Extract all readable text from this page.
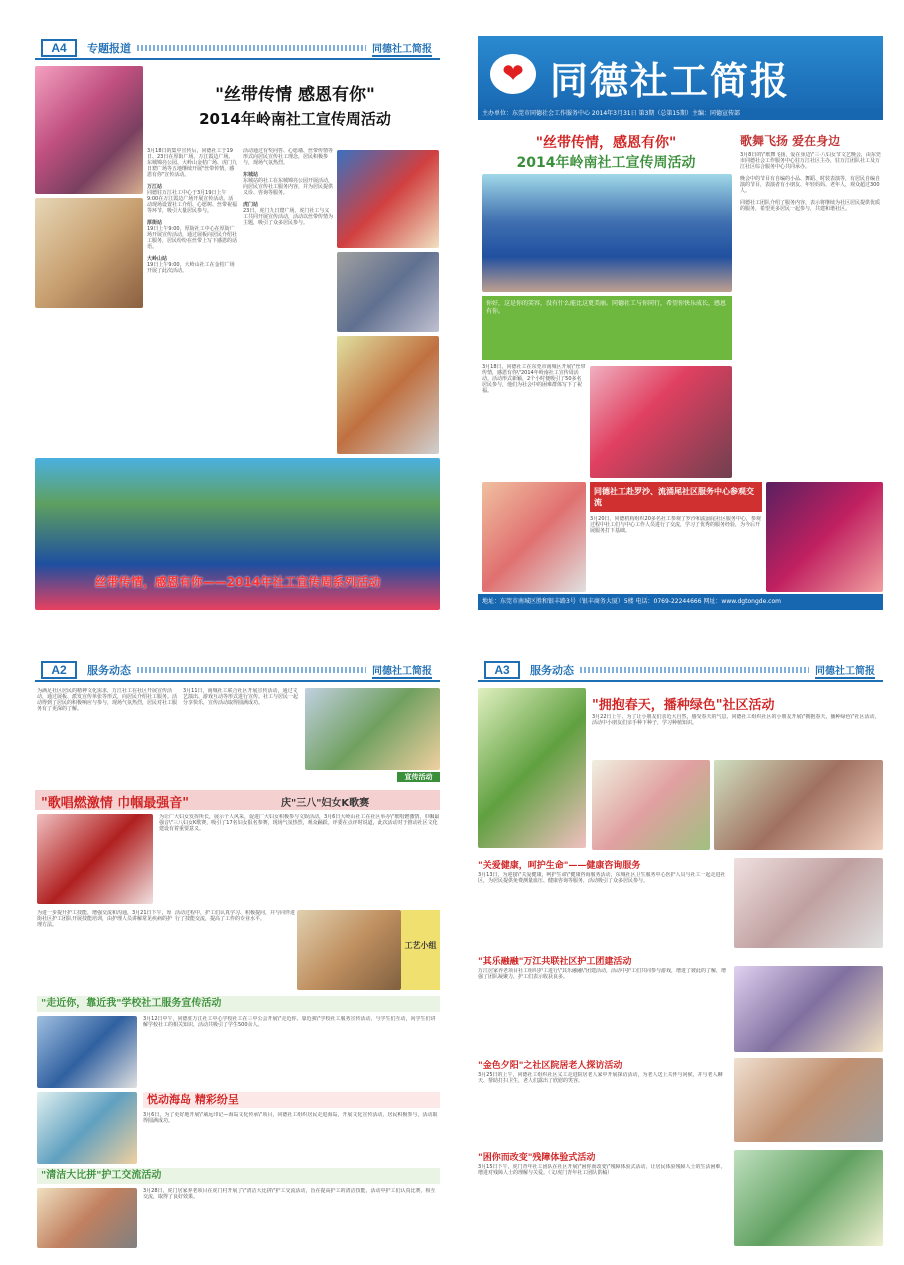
A4	专题报道	同德社工简报
"丝带传情 感恩有你"
2014年岭南社工宣传周活动
3月18日的集中宣传后，同德社工于19日、23日在厚街广场、万江霞边广场、东城锦亮公园、大岭山金桔广场、虎门九日窟广场等五地继续开展"丝带传情，感恩有你"宣传活动。

万江站
同德驻万江社工中心于3月19日上午9:00在万江霞边广场开展宣传活动。活动现场设置社工介绍、心愿树、丝带祝福等环节，吸引大量居民参与。

厚街站
19日上午9:00，厚街社工中心在厚街广场开展宣传活动，通过展板向居民介绍社工服务，居民纷纷在丝带上写下感恩的话语。

大岭山站
19日上午9:00，大岭山社工在金桔广场开展了此次活动。
活动通过有奖问答、心愿墙、丝带传情等形式向居民宣传社工理念，居民积极参与，现场气氛热烈。

东城站
东城站的社工在东城锦亮公园开展活动，向居民宣传社工服务内容，并为居民提供义诊、咨询等服务。

虎门站
23日，虎门九日窟广场，虎门社工与义工共同开展宣传活动，活动以丝带传情为主题，吸引了众多居民参与。
丝带传情，感恩有你——2014年社工宣传周系列活动
❤ 同德社工简报
主办单位：东莞市同德社会工作服务中心 2014年3月31日 第3期（总第15期）主编：同德宣传部
"丝带传情，感恩有你"
2014年岭南社工宣传周活动
你好，这是你的笑容，没有什么能比这更美丽。同德社工与你同行，希望你快乐成长，感恩有你。
3月18日，同德社工在东莞市南城区开展\"丝带传情，感恩有你\"2014年岭南社工宣传周活动。活动形式新颖，2个小时便吸引了50多名居民参与，他们为社会中的困难群体写下了祝福。
歌舞飞扬 爱在身边
3月8日的\"歌舞飞扬，爱在身边\"三·八妇女节文艺晚会，由东莞市同德社会工作服务中心驻万江社区主办，驻万江团队社工及万江社区综合服务中心共同承办。

晚会中的节目有自编的小品、舞蹈、时装表演等，有居民自编自演的节目，表演者有小朋友、年轻妈妈、老年人，观众超过300人。

同德社工团队介绍了服务内容，表示将继续为社区居民提供优质的服务，希望更多居民一起参与，共建和谐社区。
同德社工赴罗沙、流涌尾社区服务中心参观交流
3月20日，同德机构组织20多名社工参观了罗沙和流涌尾社区服务中心，参观过程中社工们与中心工作人员进行了交流，学习了优秀的服务经验，为今后开展服务打下基础。
地址：东莞市南城区胜和银丰路3号（银丰商务大厦）5楼 电话：0769-22244666 网址：www.dgtongde.com
A2	服务动态	同德社工简报
为满足社区居民的精神文化需求，万江社工在社区开展宣传活动，通过展板、派发宣传单张等形式，向居民介绍社工服务。活动得到了居民的积极响应与参与，现场气氛热烈，居民对社工服务有了更深的了解。
3月11日，南城社工联合社区开展宣传活动，通过文艺演出、游戏互动等形式进行宣传。社工与居民一起分享快乐，宣传活动取得圆满成功。
宣传活动
"歌唱燃激情 巾帼最强音"	庆"三八"妇女K歌赛
为让广大妇女发挥所长，展示个人风采，促进广大妇女积极参与文娱活动，3月6日大岭山社工在社区举办\"歌唱燃激情，巾帼最强音\"三八妇女K歌赛，吸引了17名妇女报名参赛，现场气氛热烈，观众踊跃。评委在点评时说道，此次活动对于推动社区文化建设有着重要意义。
为进一步提升护工技能，增强交流和沟通，3月21日下午，厚街社区护工团队开展技能培训，由护理人员讲解常见疾病的护理方法。
活动过程中，护工们认真学习、积极提问，并与同伴进行了技能交流，提高了工作的专业水平。
工艺小组
"走近你，靠近我"学校社工服务宣传活动
3月12日中午，同德驻万江社工中心学校社工在三中公会开展\"走近你，靠近我\"学校社工服务宣传活动，与学生们互动，向学生们讲解学校社工的相关知识，活动共吸引了学生500余人。
悦动海岛 精彩纷呈
3月6日，为了更好地开展\"威远印记—海岛文化传承\"项目，同德社工组织居民走进海岛，开展文化宣传活动，居民积极参与，活动取得圆满成功。
"清洁大比拼"护工交流活动
3月28日，虎门居家养老项目在虎门村开展了\"清洁大比拼\"护工交流活动，旨在提高护工的清洁技能，活动中护工们认真比赛，相互交流，取得了良好效果。
A3	服务动态	同德社工简报
"拥抱春天，播种绿色"社区活动
3月22日上午，为了让小朋友们亲近大自然，感受春天的气息，同德社工组织社区的小朋友开展\"拥抱春天，播种绿色\"社区活动，活动中小朋友们亲手种下种子，学习种植知识。
"关爱健康，呵护生命"——健康咨询服务
3月13日，为迎接\"关爱健康，呵护生命\"健康咨询服务活动，东城社区卫生服务中心医护人员与社工一起走进社区，为居民提供免费测量血压、健康咨询等服务，活动吸引了众多居民参与。
"其乐融融"万江共联社区护工团建活动
万江居家养老项目社工组织护工进行\"其乐融融\"团建活动，活动中护工们共同参与游戏，增进了彼此的了解，增强了团队凝聚力，护工们表示收获良多。
"金色夕阳"之社区院居老人探访活动
3月25日的上午，同德社工组织社区义工走进院居老人家中开展探访活动，为老人送上关怀与问候，并与老人聊天、帮助打扫卫生，老人们露出了欣慰的笑容。
"困你而改变"残障体验式活动
3月15日下午，虎门青年社工团队在社区开展\"困你而改变\"残障体验式活动，让居民体验残障人士的生活困难，增进对残障人士的理解与关爱。（文/虎门青年社工团队供稿）
